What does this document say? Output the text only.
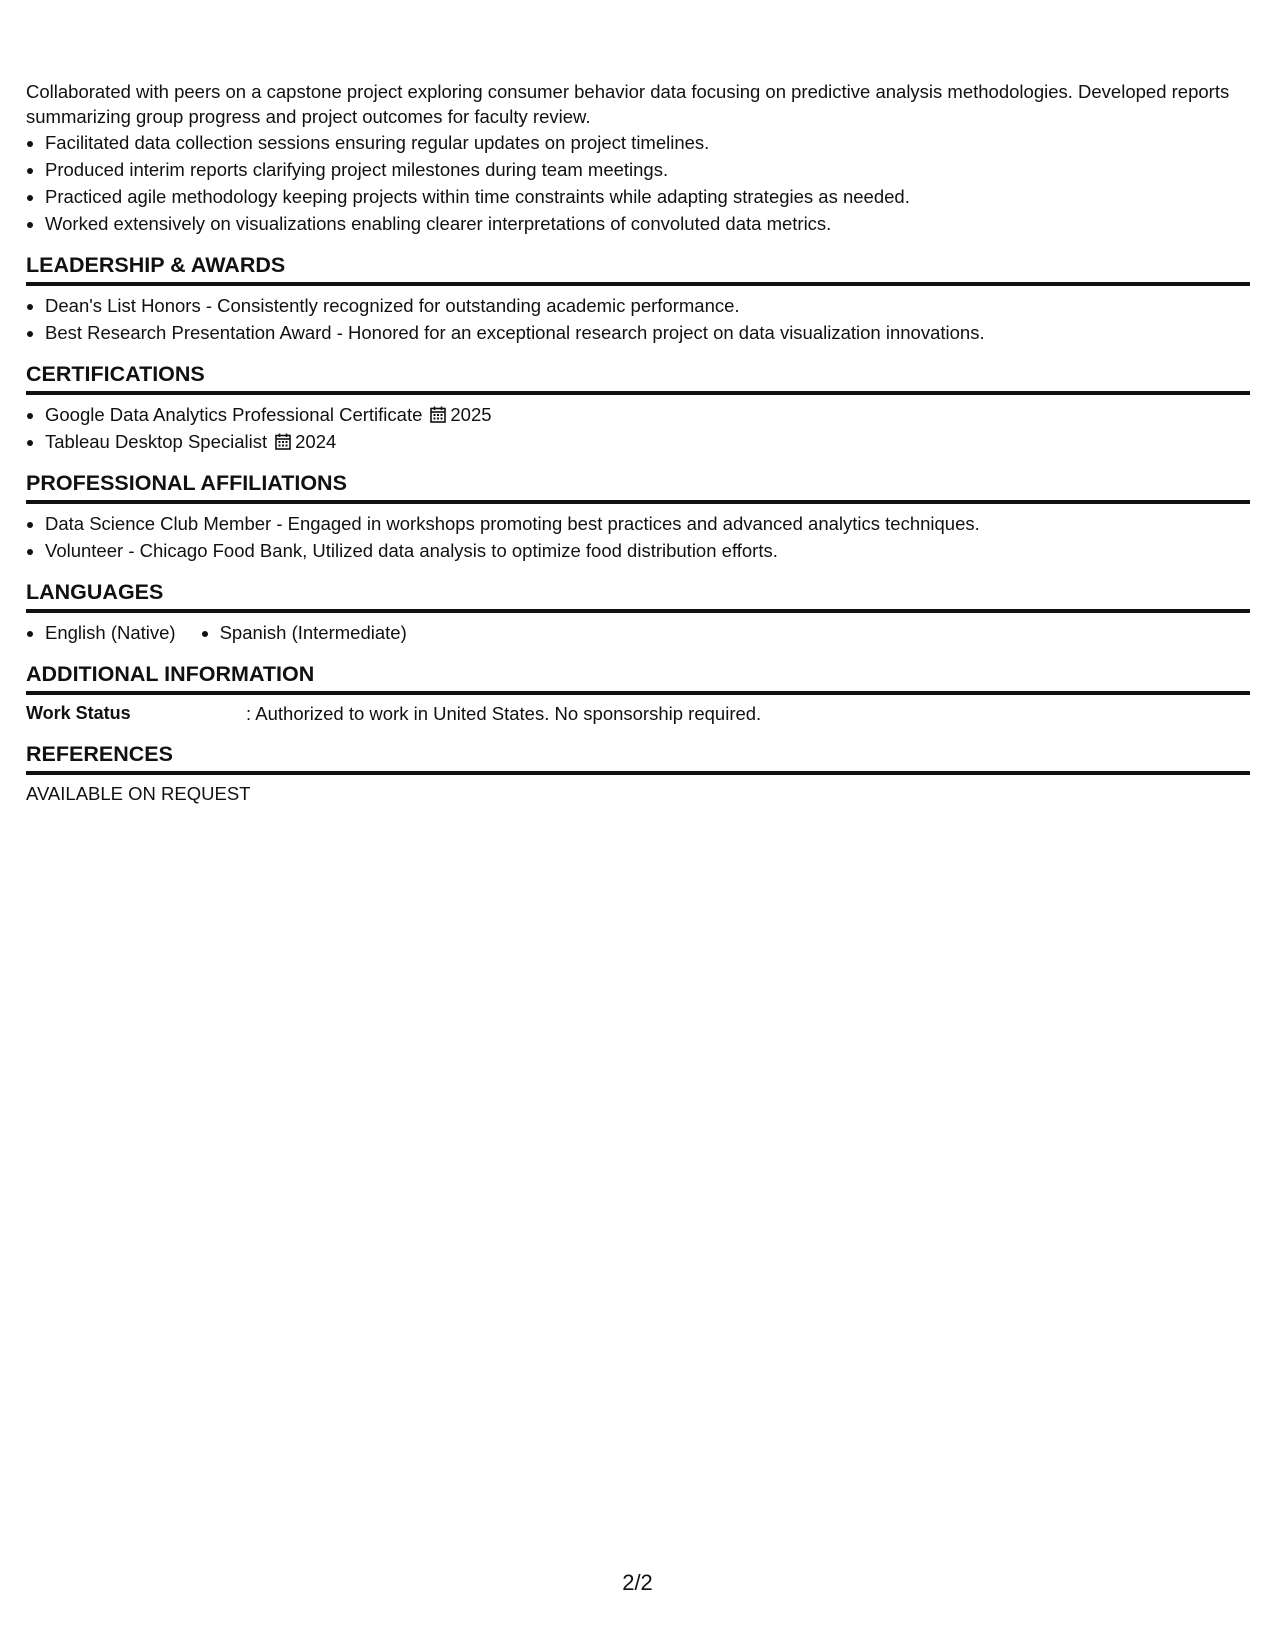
Collaborated with peers on a capstone project exploring consumer behavior data focusing on predictive analysis methodologies. Developed reports summarizing group progress and project outcomes for faculty review.

• Facilitated data collection sessions ensuring regular updates on project timelines.
• Produced interim reports clarifying project milestones during team meetings.
• Practiced agile methodology keeping projects within time constraints while adapting strategies as needed.
• Worked extensively on visualizations enabling clearer interpretations of convoluted data metrics.
LEADERSHIP & AWARDS
• Dean's List Honors - Consistently recognized for outstanding academic performance.
• Best Research Presentation Award - Honored for an exceptional research project on data visualization innovations.
CERTIFICATIONS
• Google Data Analytics Professional Certificate 2025
• Tableau Desktop Specialist 2024
PROFESSIONAL AFFILIATIONS
• Data Science Club Member - Engaged in workshops promoting best practices and advanced analytics techniques.
• Volunteer - Chicago Food Bank, Utilized data analysis to optimize food distribution efforts.
LANGUAGES
• English (Native)
• Spanish (Intermediate)
ADDITIONAL INFORMATION
Work Status	: Authorized to work in United States. No sponsorship required.
REFERENCES
AVAILABLE ON REQUEST
2/2
